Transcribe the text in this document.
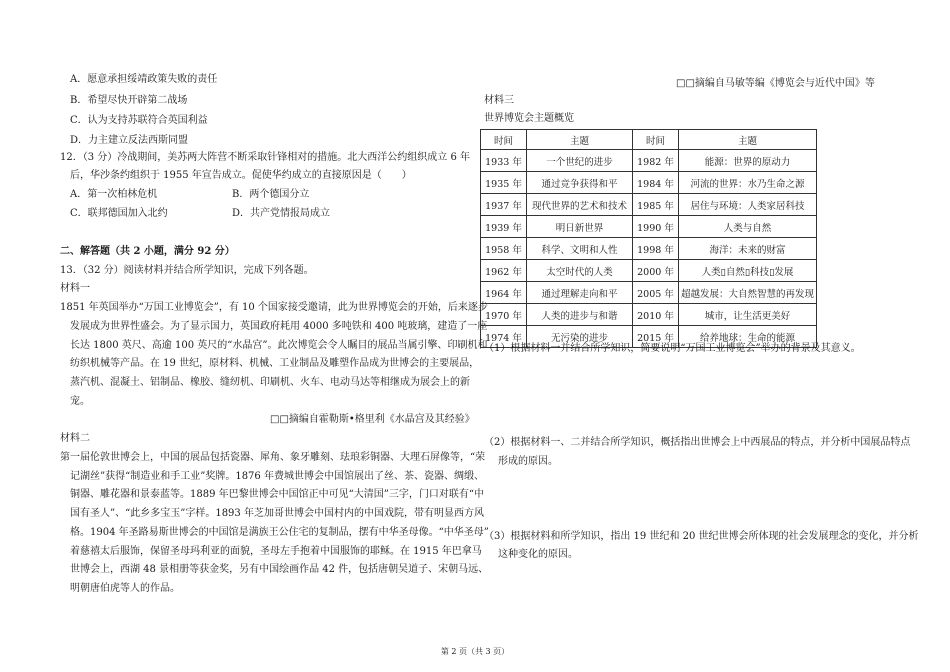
A．愿意承担绥靖政策失败的责任
B．希望尽快开辟第二战场
C．认为支持苏联符合英国利益
D．力主建立反法西斯同盟
12．（3 分）冷战期间，美苏两大阵营不断采取针锋相对的措施。北大西洋公约组织成立 6 年
后，华沙条约组织于 1955 年宣告成立。促使华约成立的直接原因是（　　）
A．第一次柏林危机	B．两个德国分立
C．联邦德国加入北约	D．共产党情报局成立
二、解答题（共 2 小题，满分 92 分）
13．（32 分）阅读材料并结合所学知识，完成下列各题。
材料一
1851 年英国举办“万国工业博览会”，有 10 个国家接受邀请，此为世界博览会的开始，后来逐步
发展成为世界性盛会。为了显示国力，英国政府耗用 4000 多吨铁和 400 吨玻璃，建造了一座
长达 1800 英尺、高逾 100 英尺的“水晶宫”。此次博览会令人瞩目的展品当属引擎、印刷机和
纺织机械等产品。在 19 世纪，原材料、机械、工业制品及雕塑作品成为世博会的主要展品，
蒸汽机、混凝土、铝制品、橡胶、缝纫机、印刷机、火车、电动马达等相继成为展会上的新
宠。
□□摘编自霍勒斯•格里利《水晶宫及其经验》
材料二
第一届伦敦世博会上，中国的展品包括瓷器、犀角、象牙雕刻、珐琅彩铜器、大理石屏像等，“荣
记湖丝”获得“制造业和手工业”奖牌。1876 年费城世博会中国馆展出了丝、茶、瓷器、绸缎、
铜器、雕花器和景泰蓝等。1889 年巴黎世博会中国馆正中可见“大清国”三字，门口对联有“中
国有圣人”、“此乡多宝玉”字样。1893 年芝加哥世博会中国村内的中国戏院，带有明显西方风
格。1904 年圣路易斯世博会的中国馆是满族王公住宅的复制品，摆有中华圣母像。“中华圣母”
着慈禧太后服饰，保留圣母玛利亚的面貌，圣母左手抱着中国服饰的耶稣。在 1915 年巴拿马
世博会上，西湖 48 景相册等获金奖，另有中国绘画作品 42 件，包括唐朝吴道子、宋朝马远、
明朝唐伯虎等人的作品。
□□摘编自马敏等编《博览会与近代中国》等
材料三
世界博览会主题概览
时间	主题	时间	主题
1933 年	一个世纪的进步	1982 年	能源：世界的原动力
1935 年	通过竞争获得和平	1984 年	河流的世界：水乃生命之源
1937 年	现代世界的艺术和技术	1985 年	居住与环境：人类家居科技
1939 年	明日新世界	1990 年	人类与自然
1958 年	科学、文明和人性	1998 年	海洋：未来的财富
1962 年	太空时代的人类	2000 年	人类▯自然▯科技▯发展
1964 年	通过理解走向和平	2005 年	超越发展：大自然智慧的再发现
1970 年	人类的进步与和谐	2010 年	城市，让生活更美好
1974 年	无污染的进步	2015 年	给养地球：生命的能源
（1）根据材料一并结合所学知识，简要说明“万国工业博览会”举办的背景及其意义。
（2）根据材料一、二并结合所学知识，概括指出世博会上中西展品的特点，并分析中国展品特点
形成的原因。
（3）根据材料和所学知识，指出 19 世纪和 20 世纪世博会所体现的社会发展理念的变化，并分析
这种变化的原因。
第 2 页（共 3 页）
